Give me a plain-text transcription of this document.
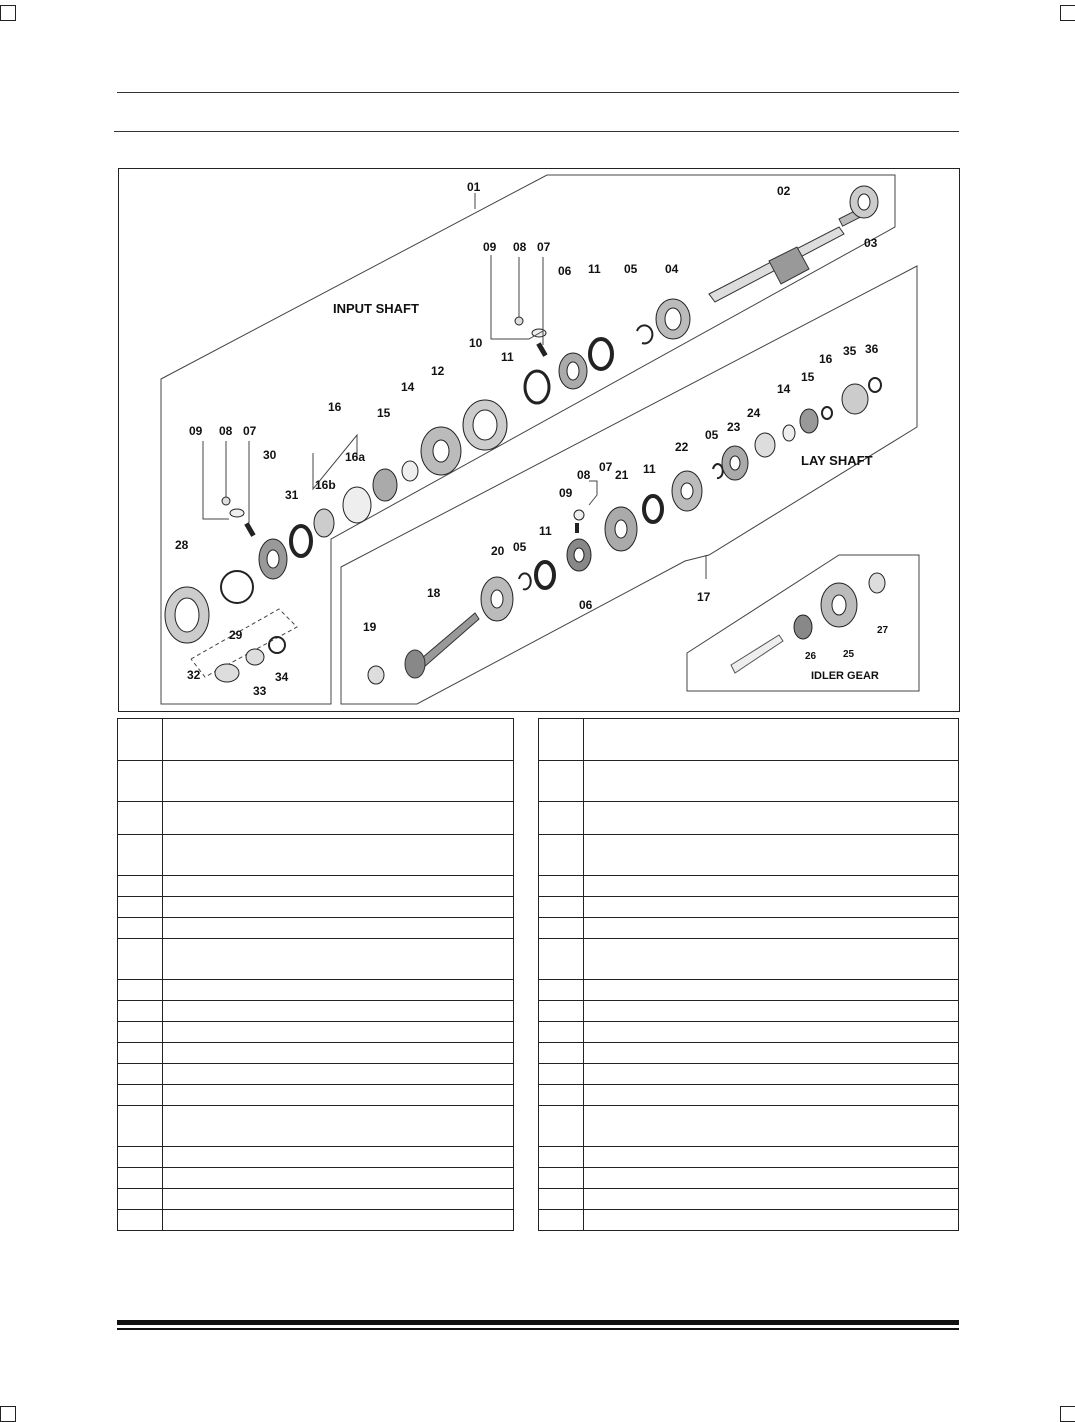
INPUT SHAFT
LAY SHAFT
IDLER GEAR
01	02
03
04
05
06
07
08
09
10
11
11
12
14
15
16
16a
16b
17
18
19
20
21
22
23
24
25
26
27
28
29
30
31
32
33
34
35 36
05
11
06
09
08
07	11
05
14
15
16
09 08 07
